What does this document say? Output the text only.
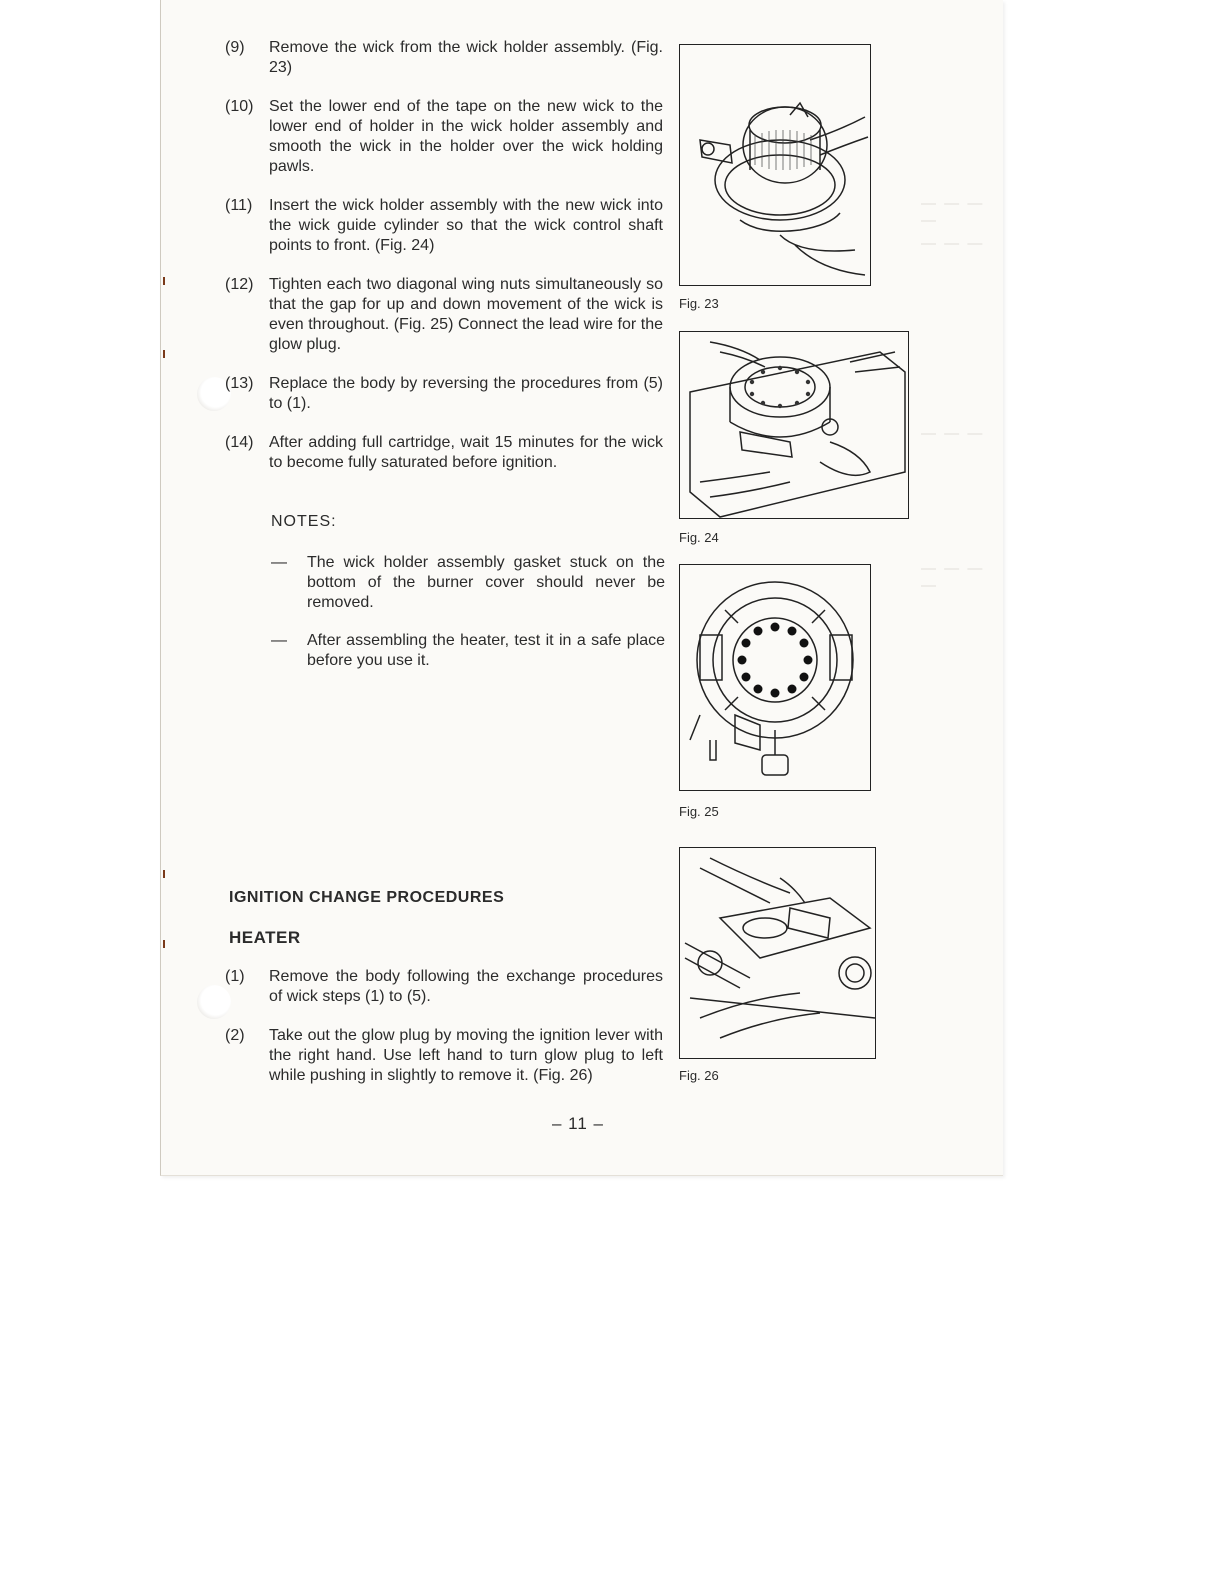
— — — —
— — —
— — —
— — — —
(9) Remove the wick from the wick holder assembly. (Fig. 23)
(10) Set the lower end of the tape on the new wick to the lower end of holder in the wick holder assembly and smooth the wick in the holder over the wick holding pawls.
(11) Insert the wick holder assembly with the new wick into the wick guide cylinder so that the wick control shaft points to front. (Fig. 24)
(12) Tighten each two diagonal wing nuts simultaneously so that the gap for up and down movement of the wick is even throughout. (Fig. 25) Connect the lead wire for the glow plug.
(13) Replace the body by reversing the procedures from (5) to (1).
(14) After adding full cartridge, wait 15 minutes for the wick to become fully saturated before ignition.
NOTES:
— The wick holder assembly gasket stuck on the bottom of the burner cover should never be removed.
— After assembling the heater, test it in a safe place before you use it.
IGNITION CHANGE PROCEDURES
HEATER
(1) Remove the body following the exchange procedures of wick steps (1) to (5).
(2) Take out the glow plug by moving the ignition lever with the right hand. Use left hand to turn glow plug to left while pushing in slightly to remove it. (Fig. 26)
Fig. 23
Fig. 24
Fig. 25
Fig. 26
– 11 –
